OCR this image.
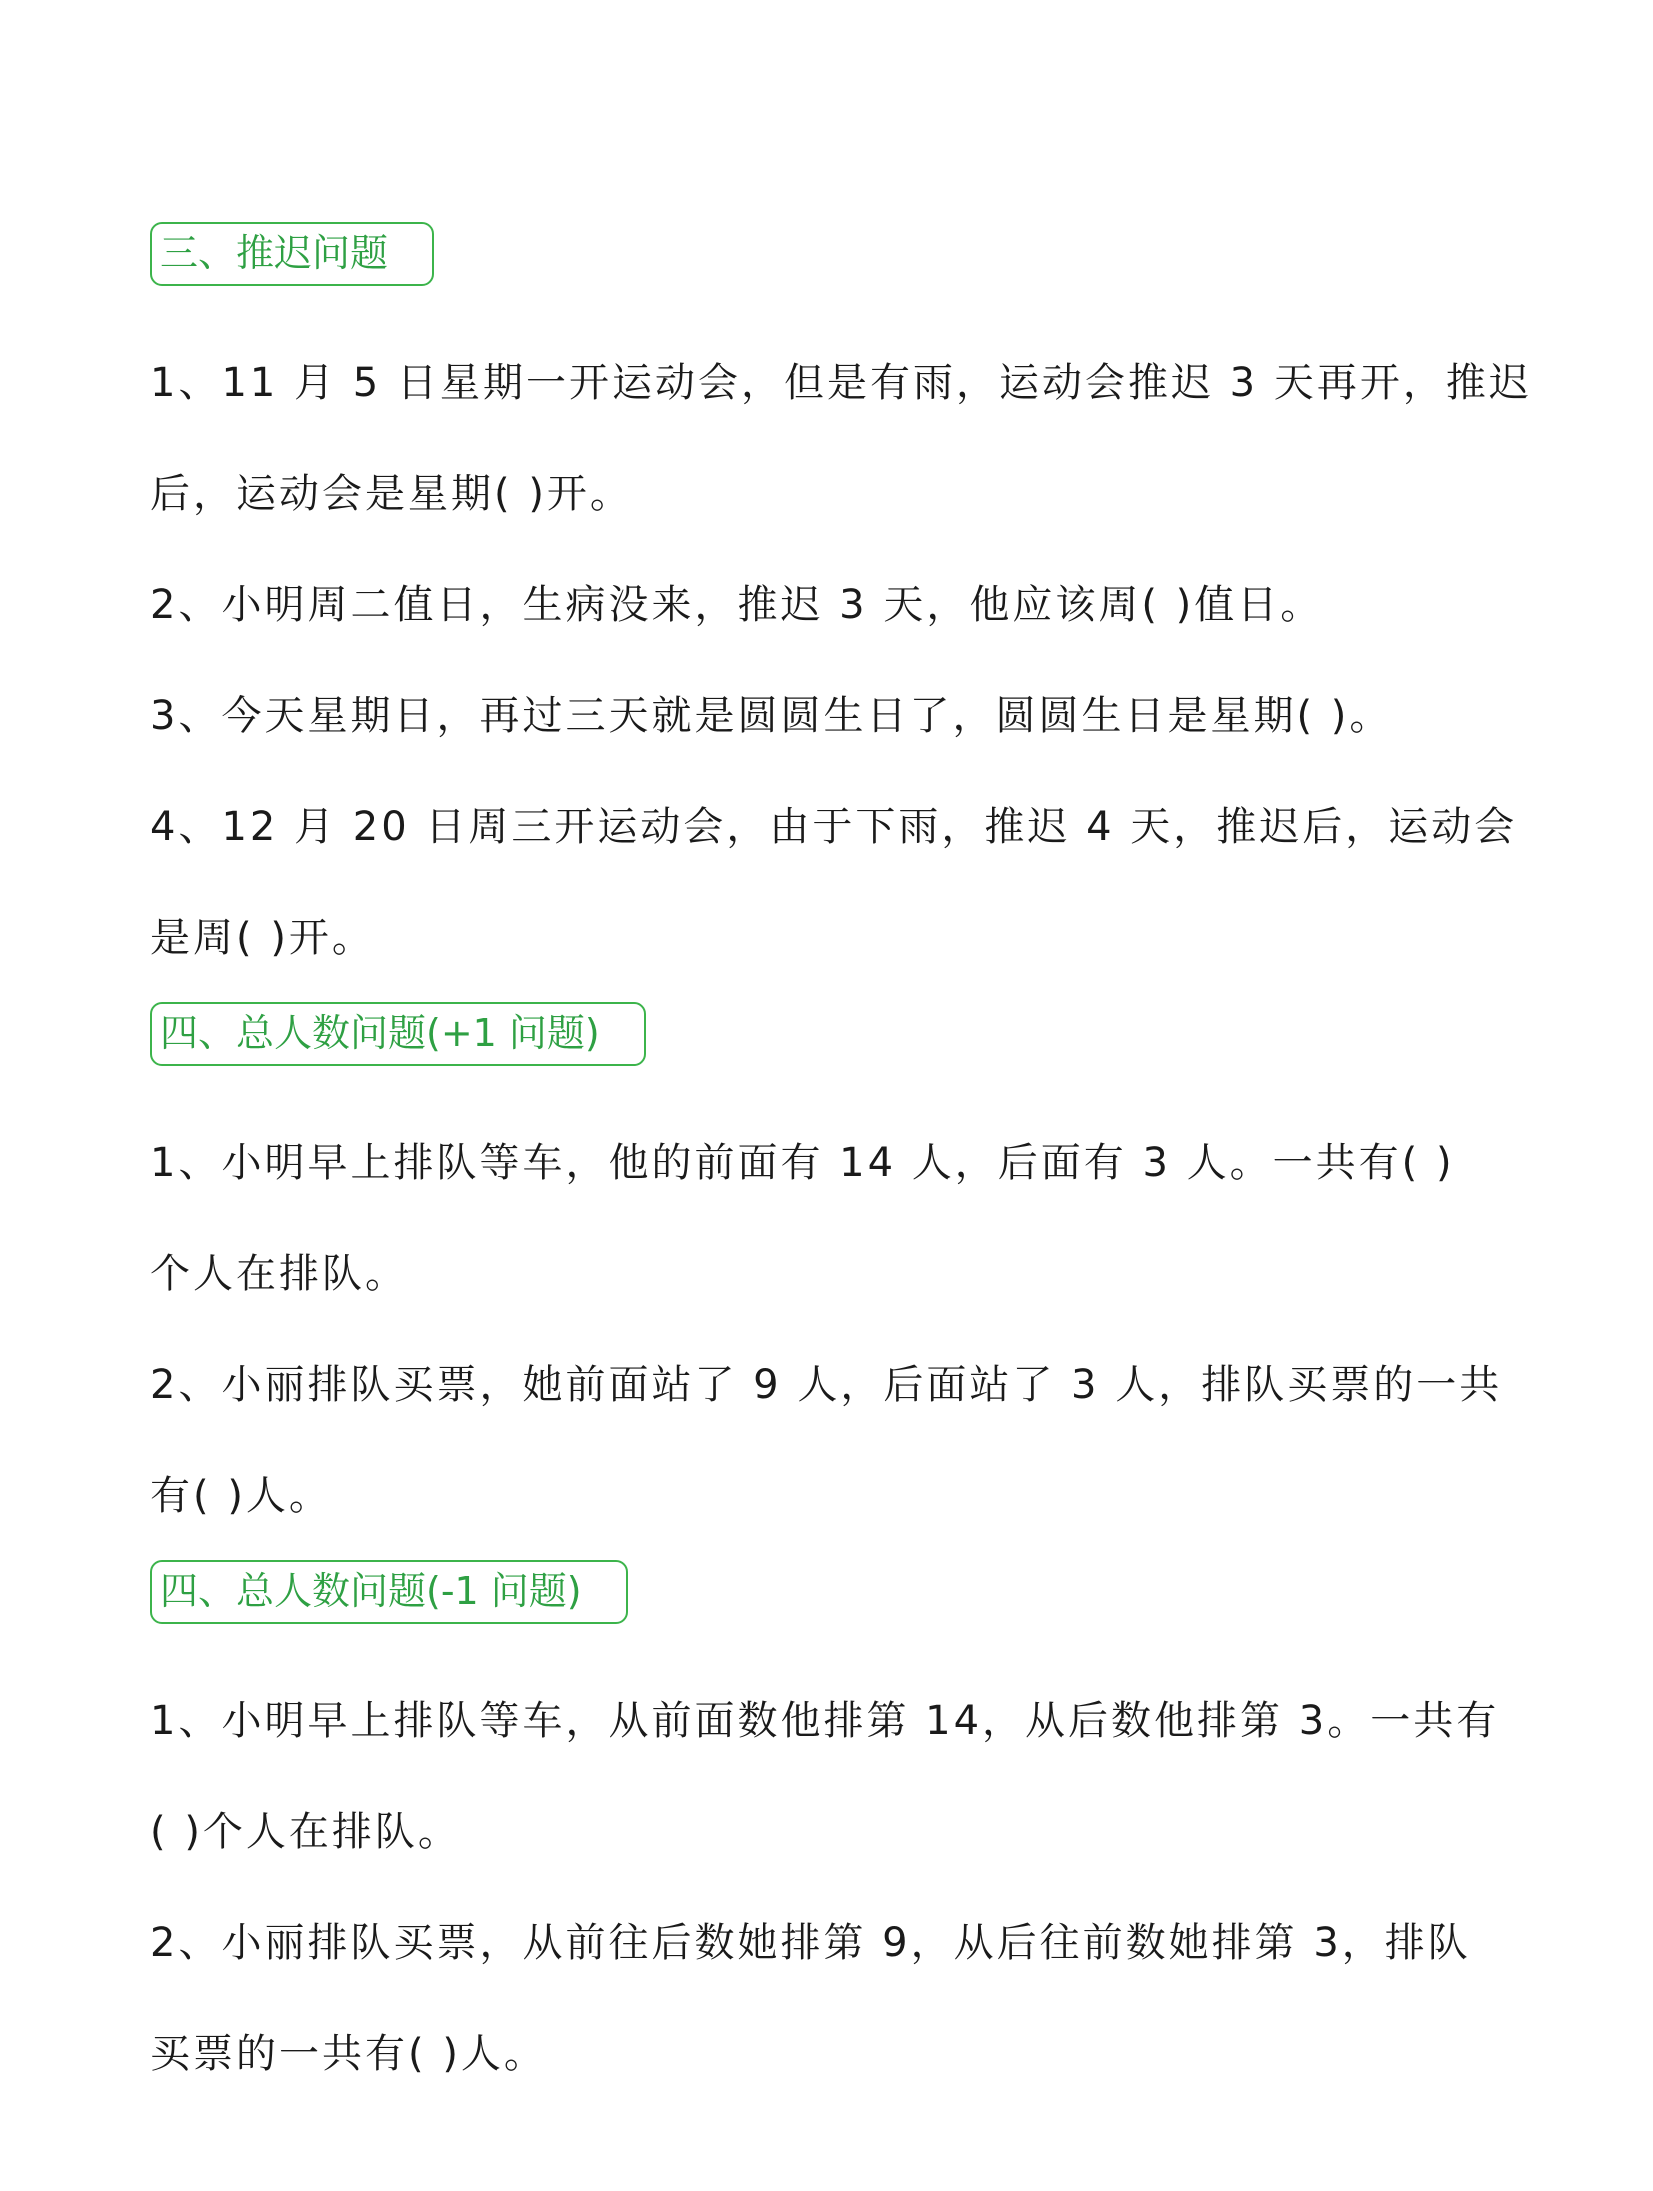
三、推迟问题
1、11 月 5 日星期一开运动会，但是有雨，运动会推迟 3 天再开，推迟
后，运动会是星期( )开。
2、小明周二值日，生病没来，推迟 3 天，他应该周( )值日。
3、今天星期日，再过三天就是圆圆生日了，圆圆生日是星期( )。
4、12 月 20 日周三开运动会，由于下雨，推迟 4 天，推迟后，运动会
是周( )开。
四、总人数问题(+1 问题)
1、小明早上排队等车，他的前面有 14 人，后面有 3 人。一共有( )
个人在排队。
2、小丽排队买票，她前面站了 9 人，后面站了 3 人，排队买票的一共
有( )人。
四、总人数问题(-1 问题)
1、小明早上排队等车，从前面数他排第 14，从后数他排第 3。一共有
( )个人在排队。
2、小丽排队买票，从前往后数她排第 9，从后往前数她排第 3，排队
买票的一共有( )人。
